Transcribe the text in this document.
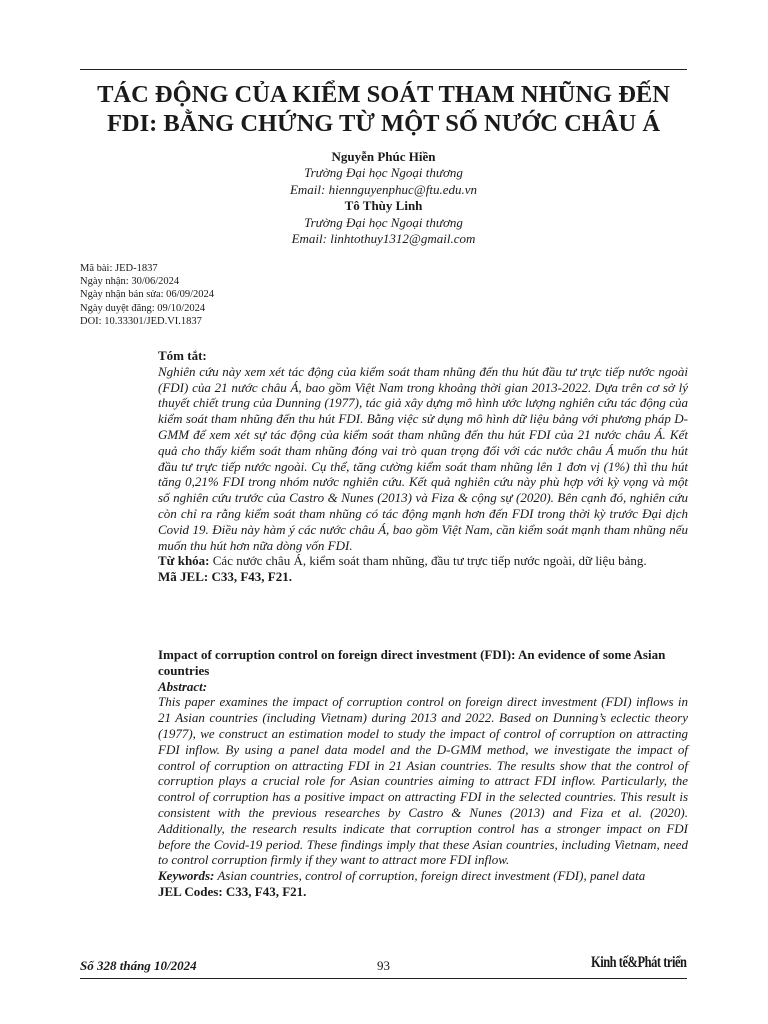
TÁC ĐỘNG CỦA KIỂM SOÁT THAM NHŨNG ĐẾN
FDI: BẰNG CHỨNG TỪ MỘT SỐ NƯỚC CHÂU Á
Nguyễn Phúc Hiền
Trường Đại học Ngoại thương
Email: hiennguyenphuc@ftu.edu.vn
Tô Thùy Linh
Trường Đại học Ngoại thương
Email: linhtothuy1312@gmail.com
Mã bài: JED-1837
Ngày nhận: 30/06/2024
Ngày nhận bản sửa: 06/09/2024
Ngày duyệt đăng: 09/10/2024
DOI: 10.33301/JED.VI.1837
Tóm tắt:

Nghiên cứu này xem xét tác động của kiểm soát tham nhũng đến thu hút đầu tư trực tiếp nước ngoài (FDI) của 21 nước châu Á, bao gồm Việt Nam trong khoảng thời gian 2013-2022. Dựa trên cơ sở lý thuyết chiết trung của Dunning (1977), tác giả xây dựng mô hình ước lượng nghiên cứu tác động của kiểm soát tham nhũng đến thu hút FDI. Bằng việc sử dụng mô hình dữ liệu bảng với phương pháp D-GMM để xem xét sự tác động của kiểm soát tham nhũng đến thu hút FDI của 21 nước châu Á. Kết quả cho thấy kiểm soát tham nhũng đóng vai trò quan trọng đối với các nước châu Á muốn thu hút đầu tư trực tiếp nước ngoài. Cụ thể, tăng cường kiểm soát tham nhũng lên 1 đơn vị (1%) thì thu hút tăng 0,21% FDI trong nhóm nước nghiên cứu. Kết quả nghiên cứu này phù hợp với kỳ vọng và một số nghiên cứu trước của Castro & Nunes (2013) và Fiza & cộng sự (2020). Bên cạnh đó, nghiên cứu còn chỉ ra rằng kiểm soát tham nhũng có tác động mạnh hơn đến FDI trong thời kỳ trước Đại dịch Covid 19. Điều này hàm ý các nước châu Á, bao gồm Việt Nam, cần kiểm soát mạnh tham nhũng nếu muốn thu hút hơn nữa dòng vốn FDI.

Từ khóa: Các nước châu Á, kiểm soát tham nhũng, đầu tư trực tiếp nước ngoài, dữ liệu bảng.
Mã JEL: C33, F43, F21.
Impact of corruption control on foreign direct investment (FDI): An evidence of some Asian countries
Abstract:

This paper examines the impact of corruption control on foreign direct investment (FDI) inflows in 21 Asian countries (including Vietnam) during 2013 and 2022. Based on Dunning’s eclectic theory (1977), we construct an estimation model to study the impact of control of corruption on attracting FDI inflow. By using a panel data model and the D-GMM method, we investigate the impact of control of corruption on attracting FDI in 21 Asian countries. The results show that the control of corruption plays a crucial role for Asian countries aiming to attract FDI inflow. Particularly, the control of corruption has a positive impact on attracting FDI in the selected countries. This result is consistent with the previous researches by Castro & Nunes (2013) and Fiza et al. (2020). Additionally, the research results indicate that corruption control has a stronger impact on FDI before the Covid-19 period. These findings imply that these Asian countries, including Vietnam, need to control corruption firmly if they want to attract more FDI inflow.

Keywords: Asian countries, control of corruption, foreign direct investment (FDI), panel data
JEL Codes: C33, F43, F21.
Số 328 tháng 10/2024	93	Kinh tế&Phát triển
